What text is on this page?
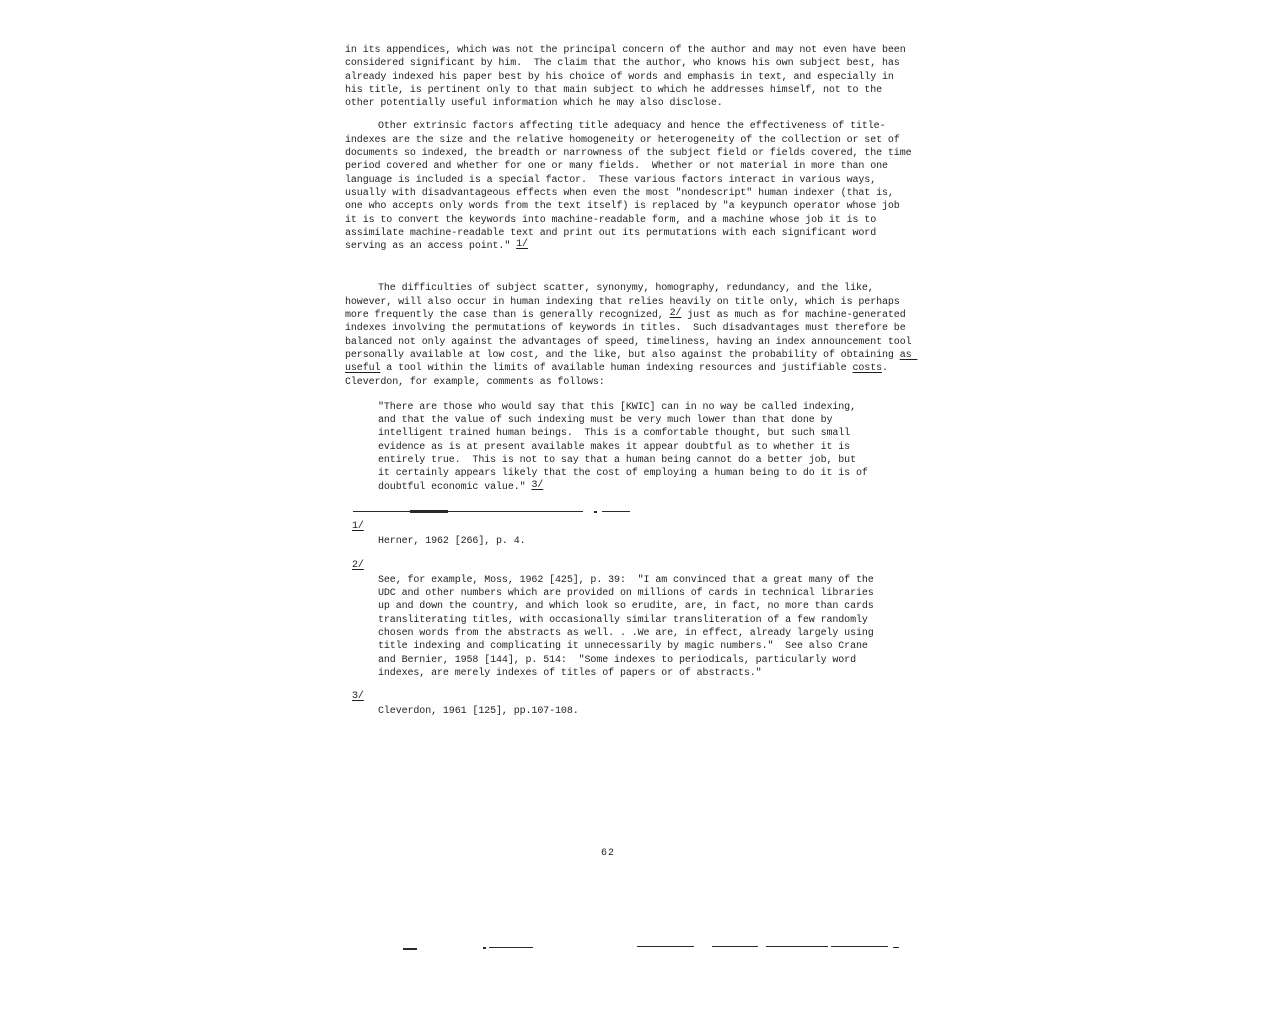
in its appendices, which was not the principal concern of the author and may not even have been considered significant by him.  The claim that the author, who knows his own subject best, has already indexed his paper best by his choice of words and emphasis in text, and especially in his title, is pertinent only to that main subject to which he addresses himself, not to the other potentially useful information which he may also disclose.

Other extrinsic factors affecting title adequacy and hence the effectiveness of title-indexes are the size and the relative homogeneity or heterogeneity of the collection or set of documents so indexed, the breadth or narrowness of the subject field or fields covered, the time period covered and whether for one or many fields.  Whether or not material in more than one language is included is a special factor.  These various factors interact in various ways, usually with disadvantageous effects when even the most "nondescript" human indexer (that is, one who accepts only words from the text itself) is replaced by "a keypunch operator whose job it is to convert the keywords into machine-readable form, and a machine whose job it is to assimilate machine-readable text and print out its permutations with each significant word serving as an access point." 1/

The difficulties of subject scatter, synonymy, homography, redundancy, and the like, however, will also occur in human indexing that relies heavily on title only, which is perhaps more frequently the case than is generally recognized, 2/ just as much as for machine-generated indexes involving the permutations of keywords in titles.  Such disadvantages must therefore be balanced not only against the advantages of speed, timeliness, having an index announcement tool personally available at low cost, and the like, but also against the probability of obtaining as useful a tool within the limits of available human indexing resources and justifiable costs.  Cleverdon, for example, comments as follows:

"There are those who would say that this [KWIC] can in no way be called indexing, and that the value of such indexing must be very much lower than that done by intelligent trained human beings.  This is a comfortable thought, but such small evidence as is at present available makes it appear doubtful as to whether it is entirely true.  This is not to say that a human being cannot do a better job, but it certainly appears likely that the cost of employing a human being to do it is of doubtful economic value." 3/

1/
Herner, 1962 [266], p. 4.
2/
See, for example, Moss, 1962 [425], p. 39:  "I am convinced that a great many of the UDC and other numbers which are provided on millions of cards in technical libraries up and down the country, and which look so erudite, are, in fact, no more than cards transliterating titles, with occasionally similar transliteration of a few randomly chosen words from the abstracts as well. . .We are, in effect, already largely using title indexing and complicating it unnecessarily by magic numbers."  See also Crane and Bernier, 1958 [144], p. 514:  "Some indexes to periodicals, particularly word indexes, are merely indexes of titles of papers or of abstracts."
3/
Cleverdon, 1961 [125], pp.107-108.
62
